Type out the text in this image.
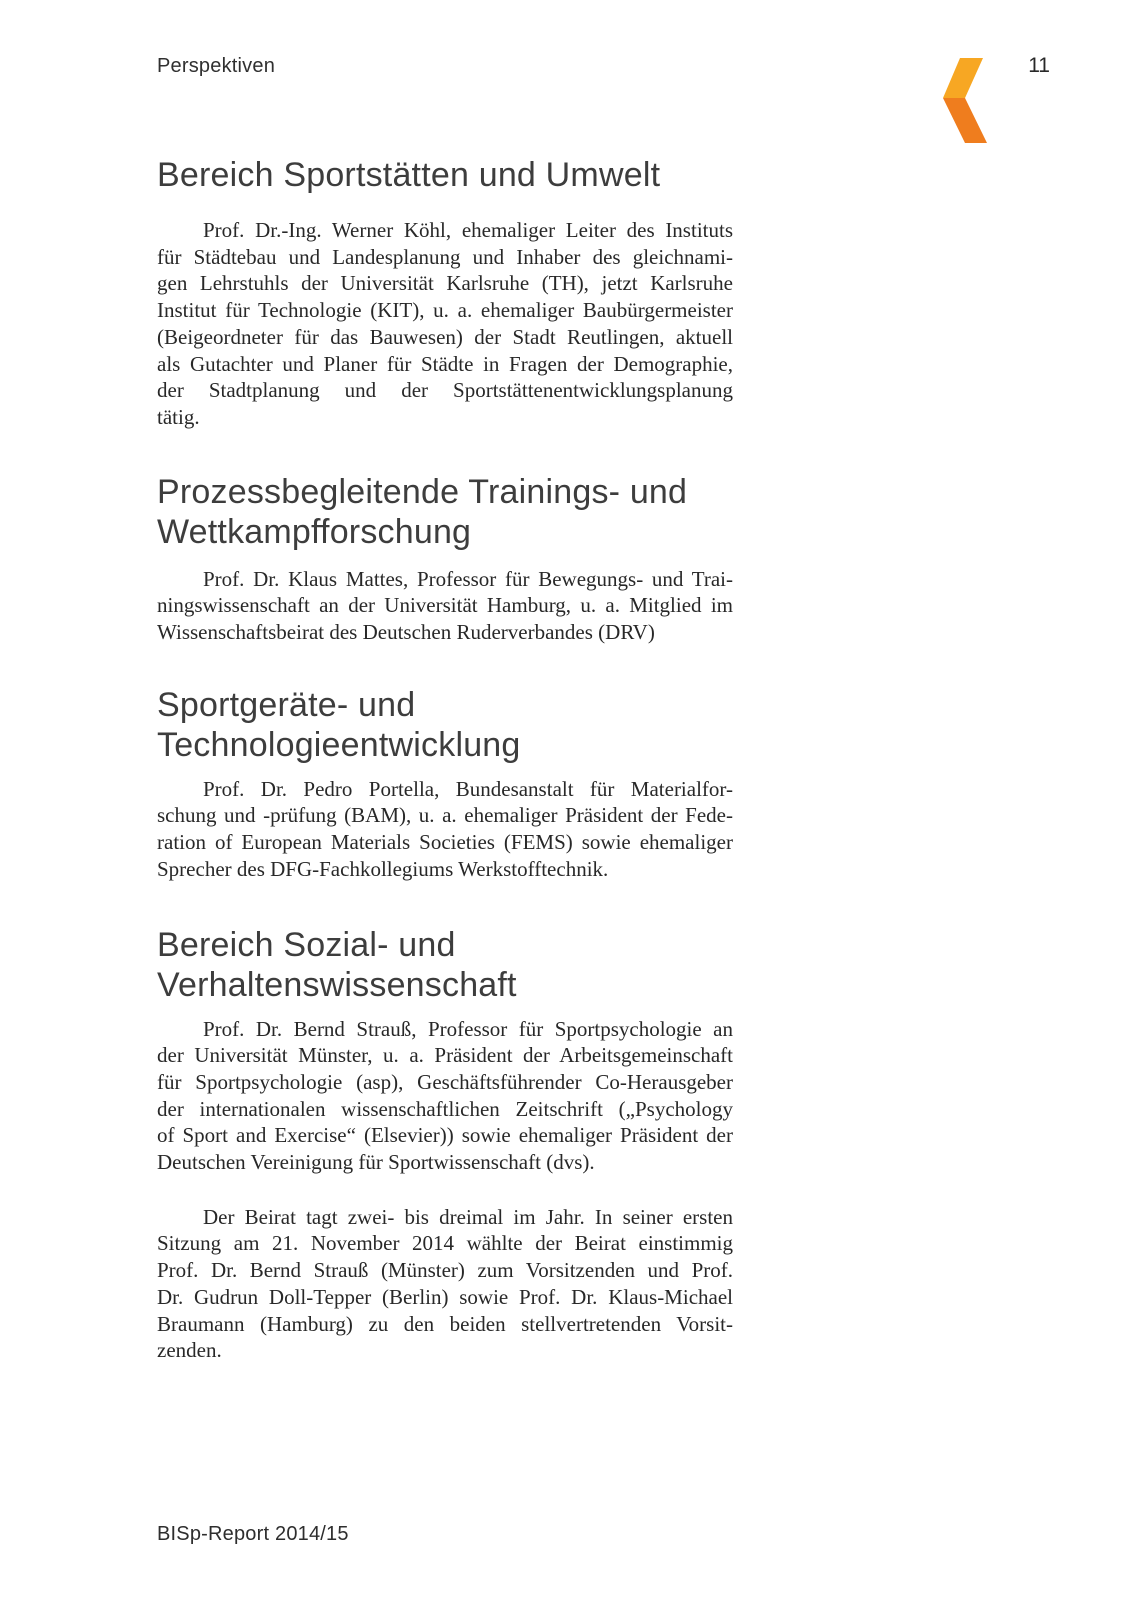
Perspektiven	11
Bereich Sportstätten und Umwelt
Prof. Dr.-Ing. Werner Köhl, ehemaliger Leiter des Instituts
für Städtebau und Landesplanung und Inhaber des gleichnami-
gen Lehrstuhls der Universität Karlsruhe (TH), jetzt Karlsruhe
Institut für Technologie (KIT), u. a. ehemaliger Baubürgermeister
(Beigeordneter für das Bauwesen) der Stadt Reutlingen, aktuell
als Gutachter und Planer für Städte in Fragen der Demographie,
der Stadtplanung und der Sportstättenentwicklungsplanung
tätig.
Prozessbegleitende Trainings- und
Wettkampfforschung
Prof. Dr. Klaus Mattes, Professor für Bewegungs- und Trai-
ningswissenschaft an der Universität Hamburg, u. a. Mitglied im
Wissenschaftsbeirat des Deutschen Ruderverbandes (DRV)
Sportgeräte- und
Technologieentwicklung
Prof. Dr. Pedro Portella, Bundesanstalt für Materialfor-
schung und -prüfung (BAM), u. a. ehemaliger Präsident der Fede-
ration of European Materials Societies (FEMS) sowie ehemaliger
Sprecher des DFG-Fachkollegiums Werkstofftechnik.
Bereich Sozial- und
Verhaltenswissenschaft
Prof. Dr. Bernd Strauß, Professor für Sportpsychologie an
der Universität Münster, u. a. Präsident der Arbeitsgemeinschaft
für Sportpsychologie (asp), Geschäftsführender Co-Herausgeber
der internationalen wissenschaftlichen Zeitschrift („Psychology
of Sport and Exercise“ (Elsevier)) sowie ehemaliger Präsident der
Deutschen Vereinigung für Sportwissenschaft (dvs).
Der Beirat tagt zwei- bis dreimal im Jahr. In seiner ersten
Sitzung am 21. November 2014 wählte der Beirat einstimmig
Prof. Dr. Bernd Strauß (Münster) zum Vorsitzenden und Prof.
Dr. Gudrun Doll-Tepper (Berlin) sowie Prof. Dr. Klaus-Michael
Braumann (Hamburg) zu den beiden stellvertretenden Vorsit-
zenden.
BISp-Report 2014/15
